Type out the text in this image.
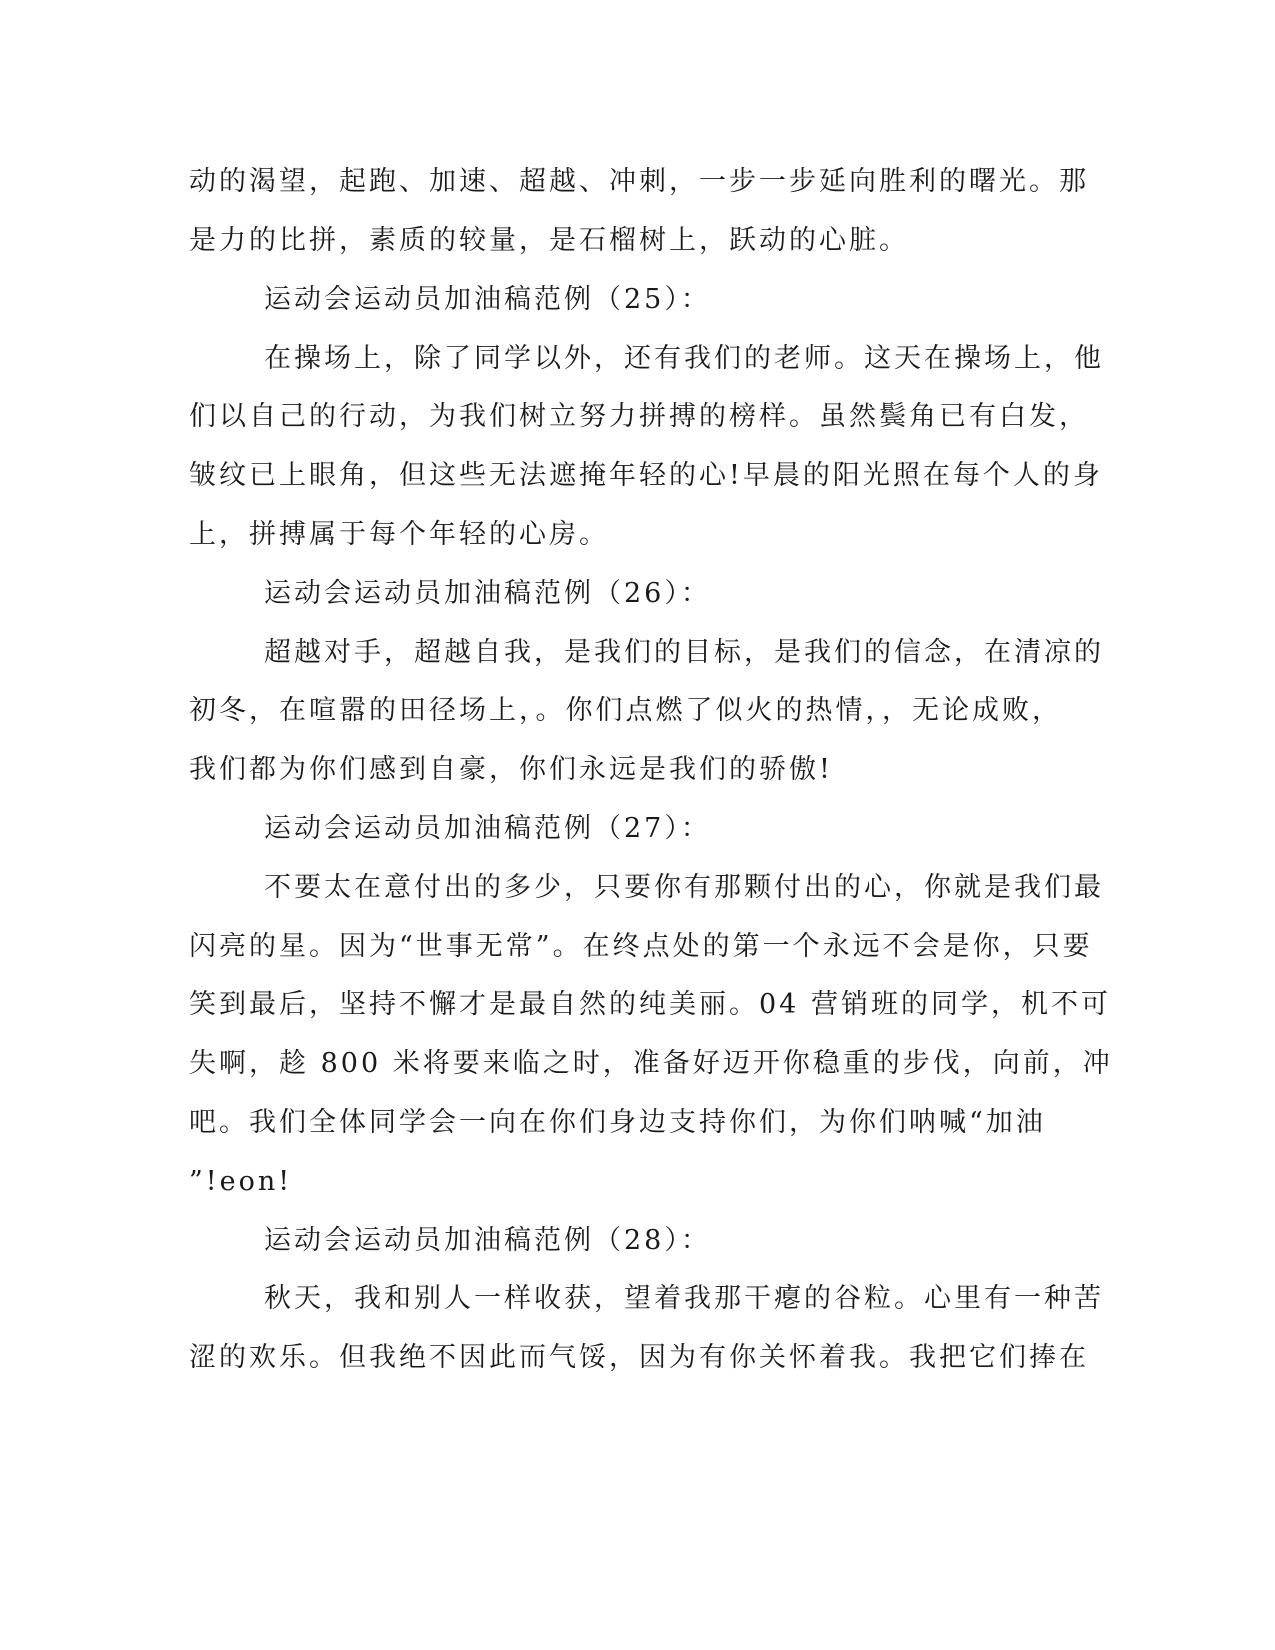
动的渴望，起跑、加速、超越、冲刺，一步一步延向胜利的曙光。那
是力的比拼，素质的较量，是石榴树上，跃动的心脏。
运动会运动员加油稿范例（25）：
在操场上，除了同学以外，还有我们的老师。这天在操场上，他
们以自己的行动，为我们树立努力拼搏的榜样。虽然鬓角已有白发，
皱纹已上眼角，但这些无法遮掩年轻的心!早晨的阳光照在每个人的身
上，拼搏属于每个年轻的心房。
运动会运动员加油稿范例（26）：
超越对手，超越自我，是我们的目标，是我们的信念，在清凉的
初冬，在喧嚣的田径场上，。你们点燃了似火的热情，，无论成败，
我们都为你们感到自豪，你们永远是我们的骄傲!
运动会运动员加油稿范例（27）：
不要太在意付出的多少，只要你有那颗付出的心，你就是我们最
闪亮的星。因为“世事无常”。在终点处的第一个永远不会是你，只要
笑到最后，坚持不懈才是最自然的纯美丽。04 营销班的同学，机不可
失啊，趁 800 米将要来临之时，准备好迈开你稳重的步伐，向前，冲
吧。我们全体同学会一向在你们身边支持你们，为你们呐喊“加油
”!eon!
运动会运动员加油稿范例（28）：
秋天，我和别人一样收获，望着我那干瘪的谷粒。心里有一种苦
涩的欢乐。但我绝不因此而气馁，因为有你关怀着我。我把它们捧在
